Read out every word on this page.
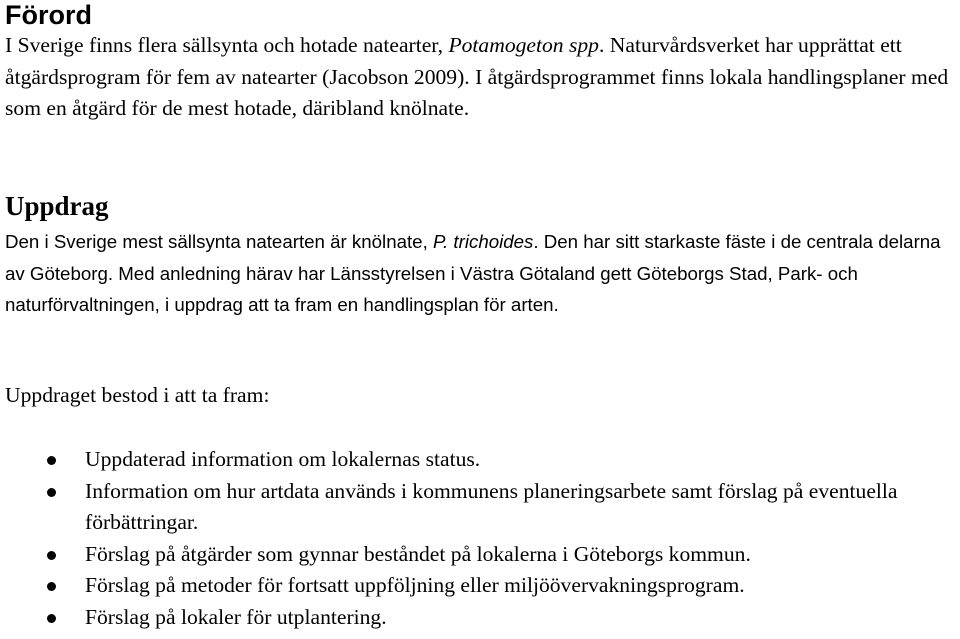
Förord

I Sverige finns flera sällsynta och hotade natearter, Potamogeton spp. Naturvårdsverket har upprättat ett åtgärdsprogram för fem av natearter (Jacobson 2009). I åtgärdsprogrammet finns lokala handlingsplaner med som en åtgärd för de mest hotade, däribland knölnate.

Uppdrag

Den i Sverige mest sällsynta natearten är knölnate, P. trichoides. Den har sitt starkaste fäste i de centrala delarna av Göteborg. Med anledning härav har Länsstyrelsen i Västra Götaland gett Göteborgs Stad, Park- och naturförvaltningen, i uppdrag att ta fram en handlingsplan för arten.

Uppdraget bestod i att ta fram:

Uppdaterad information om lokalernas status.
Information om hur artdata används i kommunens planeringsarbete samt förslag på eventuella förbättringar.
Förslag på åtgärder som gynnar beståndet på lokalerna i Göteborgs kommun.
Förslag på metoder för fortsatt uppföljning eller miljöövervakningsprogram.
Förslag på lokaler för utplantering.
